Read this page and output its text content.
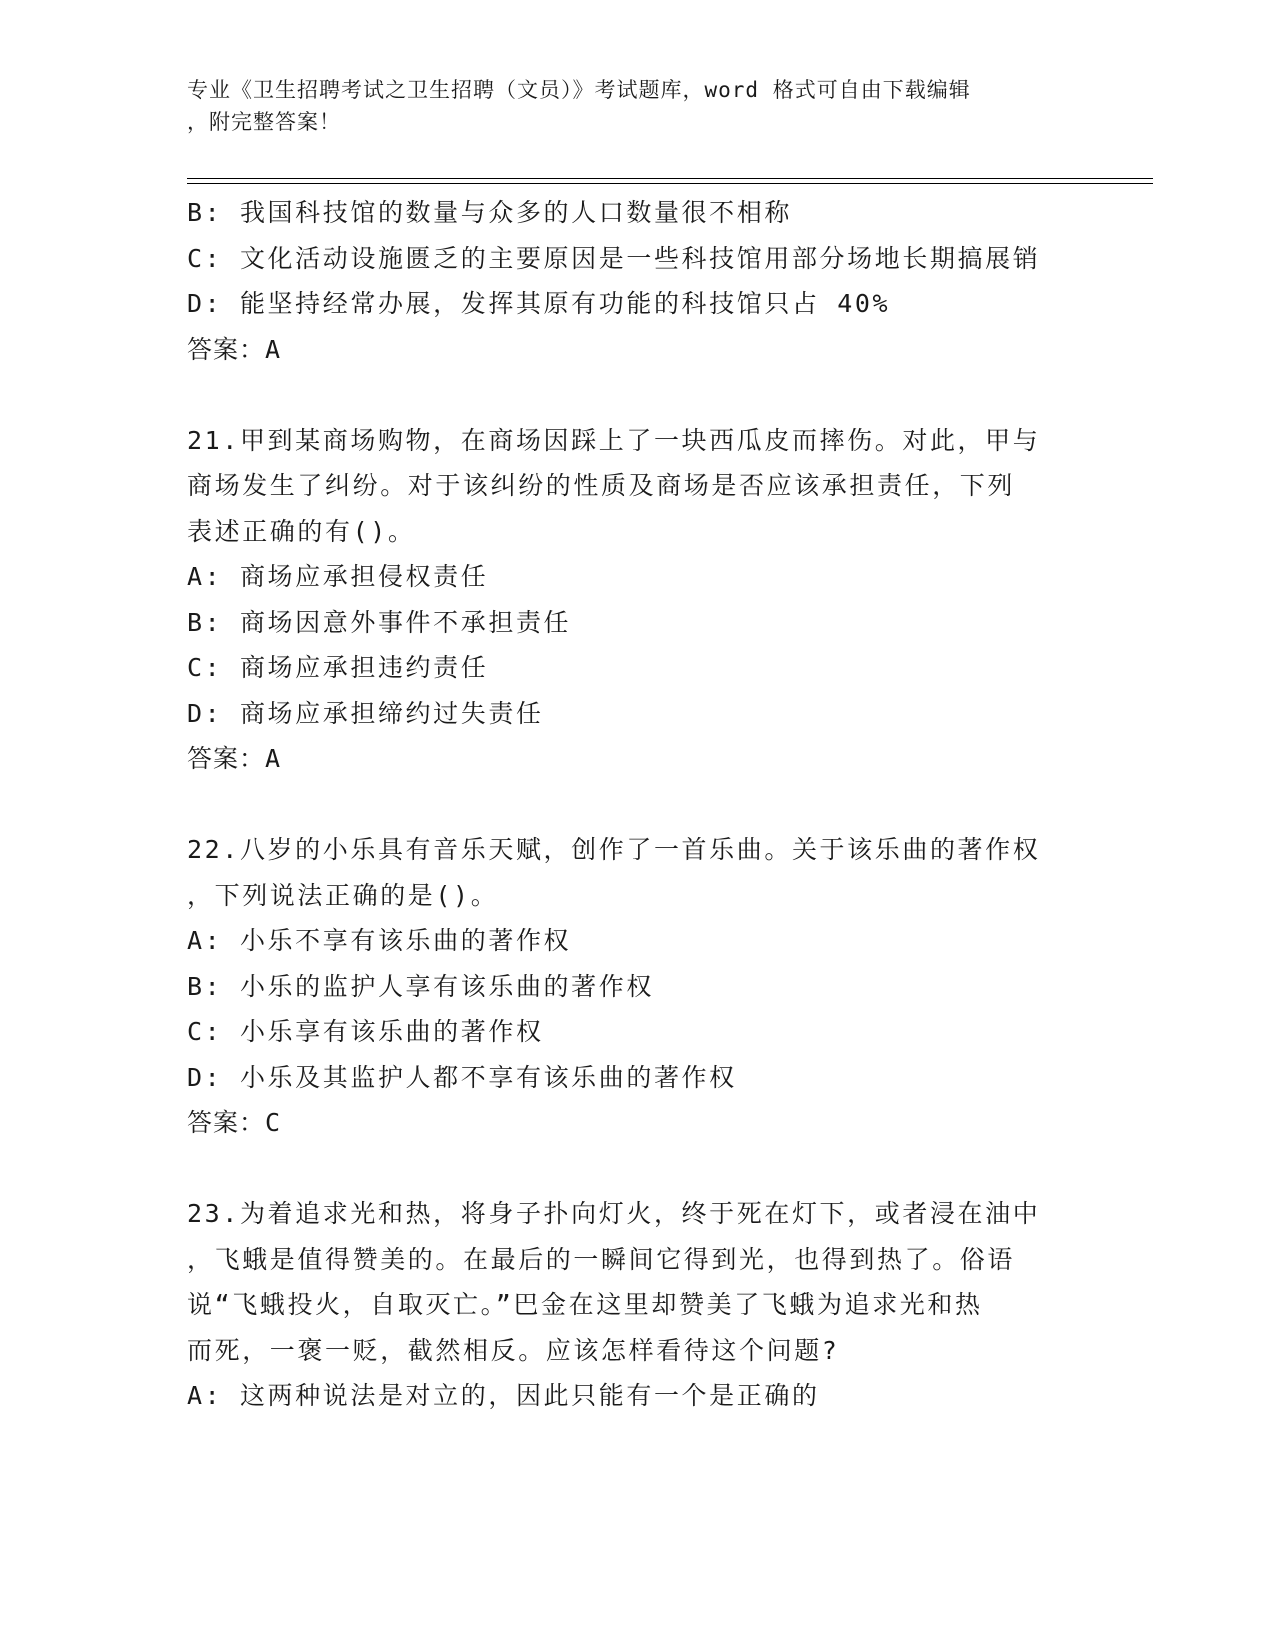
专业《卫生招聘考试之卫生招聘（文员）》考试题库，word 格式可自由下载编辑
，附完整答案！
B: 我国科技馆的数量与众多的人口数量很不相称
C: 文化活动设施匮乏的主要原因是一些科技馆用部分场地长期搞展销
D: 能坚持经常办展，发挥其原有功能的科技馆只占 40%
答案：A
21.甲到某商场购物，在商场因踩上了一块西瓜皮而摔伤。对此，甲与
商场发生了纠纷。对于该纠纷的性质及商场是否应该承担责任，下列
表述正确的有()。
A: 商场应承担侵权责任
B: 商场因意外事件不承担责任
C: 商场应承担违约责任
D: 商场应承担缔约过失责任
答案：A
22.八岁的小乐具有音乐天赋，创作了一首乐曲。关于该乐曲的著作权
，下列说法正确的是()。
A: 小乐不享有该乐曲的著作权
B: 小乐的监护人享有该乐曲的著作权
C: 小乐享有该乐曲的著作权
D: 小乐及其监护人都不享有该乐曲的著作权
答案：C
23.为着追求光和热，将身子扑向灯火，终于死在灯下，或者浸在油中
，飞蛾是值得赞美的。在最后的一瞬间它得到光，也得到热了。俗语
说“飞蛾投火，自取灭亡。”巴金在这里却赞美了飞蛾为追求光和热
而死，一褒一贬，截然相反。应该怎样看待这个问题?
A: 这两种说法是对立的，因此只能有一个是正确的
